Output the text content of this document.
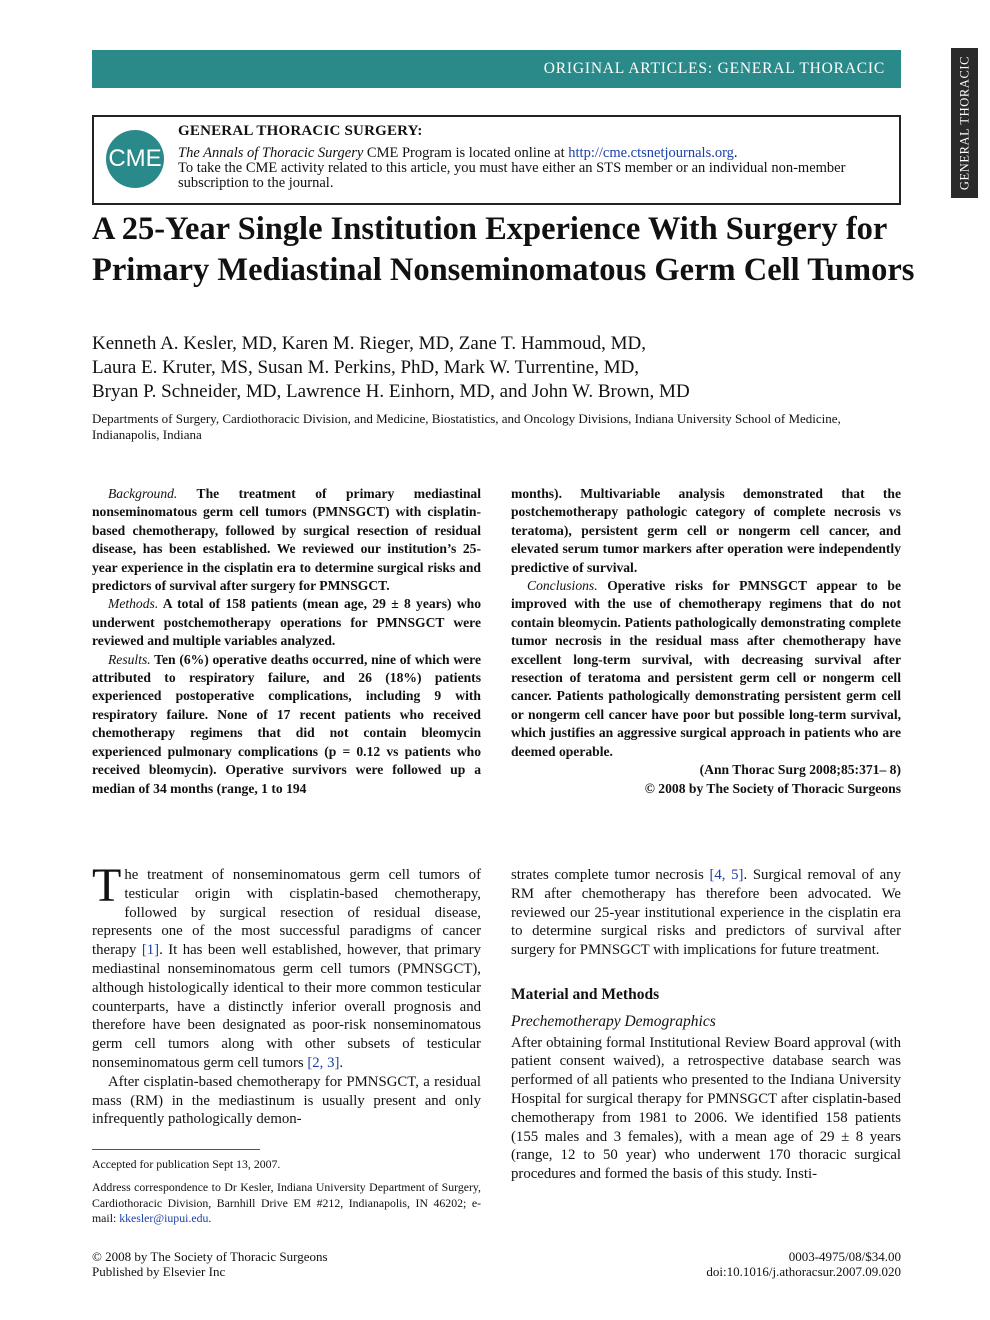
ORIGINAL ARTICLES: GENERAL THORACIC	GENERAL THORACIC
CME
GENERAL THORACIC SURGERY:
The Annals of Thoracic Surgery CME Program is located online at http://cme.ctsnetjournals.org.
To take the CME activity related to this article, you must have either an STS member or an individual non-member subscription to the journal.
A 25-Year Single Institution Experience With Surgery for Primary Mediastinal Nonseminomatous Germ Cell Tumors
Kenneth A. Kesler, MD, Karen M. Rieger, MD, Zane T. Hammoud, MD,
Laura E. Kruter, MS, Susan M. Perkins, PhD, Mark W. Turrentine, MD,
Bryan P. Schneider, MD, Lawrence H. Einhorn, MD, and John W. Brown, MD
Departments of Surgery, Cardiothoracic Division, and Medicine, Biostatistics, and Oncology Divisions, Indiana University School of Medicine, Indianapolis, Indiana

Background. The treatment of primary mediastinal nonseminomatous germ cell tumors (PMNSGCT) with cisplatin-based chemotherapy, followed by surgical resection of residual disease, has been established. We reviewed our institution’s 25-year experience in the cisplatin era to determine surgical risks and predictors of survival after surgery for PMNSGCT.

Methods. A total of 158 patients (mean age, 29 ± 8 years) who underwent postchemotherapy operations for PMNSGCT were reviewed and multiple variables analyzed.

Results. Ten (6%) operative deaths occurred, nine of which were attributed to respiratory failure, and 26 (18%) patients experienced postoperative complications, including 9 with respiratory failure. None of 17 recent patients who received chemotherapy regimens that did not contain bleomycin experienced pulmonary complications (p = 0.12 vs patients who received bleomycin). Operative survivors were followed up a median of 34 months (range, 1 to 194

months). Multivariable analysis demonstrated that the postchemotherapy pathologic category of complete necrosis vs teratoma), persistent germ cell or nongerm cell cancer, and elevated serum tumor markers after operation were independently predictive of survival.

Conclusions. Operative risks for PMNSGCT appear to be improved with the use of chemotherapy regimens that do not contain bleomycin. Patients pathologically demonstrating complete tumor necrosis in the residual mass after chemotherapy have excellent long-term survival, with decreasing survival after resection of teratoma and persistent germ cell or nongerm cell cancer. Patients pathologically demonstrating persistent germ cell or nongerm cell cancer have poor but possible long-term survival, which justifies an aggressive surgical approach in patients who are deemed operable.

(Ann Thorac Surg 2008;85:371– 8)

© 2008 by The Society of Thoracic Surgeons

The treatment of nonseminomatous germ cell tumors of testicular origin with cisplatin-based chemotherapy, followed by surgical resection of residual disease, represents one of the most successful paradigms of cancer therapy [1]. It has been well established, however, that primary mediastinal nonseminomatous germ cell tumors (PMNSGCT), although histologically identical to their more common testicular counterparts, have a distinctly inferior overall prognosis and therefore have been designated as poor-risk nonseminomatous germ cell tumors along with other subsets of testicular nonseminomatous germ cell tumors [2, 3].

After cisplatin-based chemotherapy for PMNSGCT, a residual mass (RM) in the mediastinum is usually present and only infrequently pathologically demon-

strates complete tumor necrosis [4, 5]. Surgical removal of any RM after chemotherapy has therefore been advocated. We reviewed our 25-year institutional experience in the cisplatin era to determine surgical risks and predictors of survival after surgery for PMNSGCT with implications for future treatment.

Material and Methods
Prechemotherapy Demographics

After obtaining formal Institutional Review Board approval (with patient consent waived), a retrospective database search was performed of all patients who presented to the Indiana University Hospital for surgical therapy for PMNSGCT after cisplatin-based chemotherapy from 1981 to 2006. We identified 158 patients (155 males and 3 females), with a mean age of 29 ± 8 years (range, 12 to 50 year) who underwent 170 thoracic surgical procedures and formed the basis of this study. Insti-

Accepted for publication Sept 13, 2007.
Address correspondence to Dr Kesler, Indiana University Department of Surgery, Cardiothoracic Division, Barnhill Drive EM #212, Indianapolis, IN 46202; e-mail: kkesler@iupui.edu.
© 2008 by The Society of Thoracic Surgeons
Published by Elsevier Inc
0003-4975/08/$34.00
doi:10.1016/j.athoracsur.2007.09.020
